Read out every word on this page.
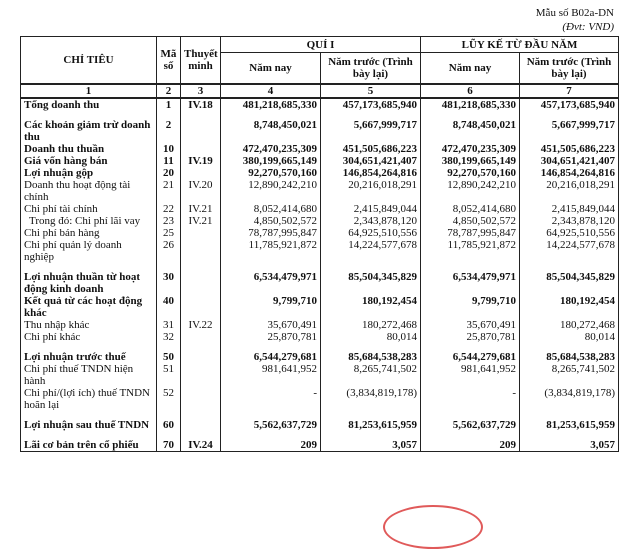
Mẫu số B02a-DN
(Đvt: VND)
CHỈ TIÊU	Mã số	Thuyết minh	QUÍ I		LŨY KẾ TỪ ĐẦU NĂM	
			Năm nay	Năm trước (Trình bày lại)	Năm nay	Năm trước (Trình bày lại)
1	2	3	4	5	6	7
Tổng doanh thu	1	IV.18	481,218,685,330	457,173,685,940	481,218,685,330	457,173,685,940

Các khoản giảm trừ doanh thu	2		8,748,450,021	5,667,999,717	8,748,450,021	5,667,999,717
Doanh thu thuần	10		472,470,235,309	451,505,686,223	472,470,235,309	451,505,686,223
Giá vốn hàng bán	11	IV.19	380,199,665,149	304,651,421,407	380,199,665,149	304,651,421,407
Lợi nhuận gộp	20		92,270,570,160	146,854,264,816	92,270,570,160	146,854,264,816
Doanh thu hoạt động tài chính	21	IV.20	12,890,242,210	20,216,018,291	12,890,242,210	20,216,018,291
Chi phí tài chính	22	IV.21	8,052,414,680	2,415,849,044	8,052,414,680	2,415,849,044
Trong đó: Chi phí lãi vay	23	IV.21	4,850,502,572	2,343,878,120	4,850,502,572	2,343,878,120
Chi phí bán hàng	25		78,787,995,847	64,925,510,556	78,787,995,847	64,925,510,556
Chi phí quản lý doanh nghiệp	26		11,785,921,872	14,224,577,678	11,785,921,872	14,224,577,678

Lợi nhuận thuần từ hoạt động kinh doanh	30		6,534,479,971	85,504,345,829	6,534,479,971	85,504,345,829
Kết quả từ các hoạt động khác	40		9,799,710	180,192,454	9,799,710	180,192,454
Thu nhập khác	31	IV.22	35,670,491	180,272,468	35,670,491	180,272,468
Chi phí khác	32		25,870,781	80,014	25,870,781	80,014

Lợi nhuận trước thuế	50		6,544,279,681	85,684,538,283	6,544,279,681	85,684,538,283
Chi phí thuế TNDN hiện hành	51		981,641,952	8,265,741,502	981,641,952	8,265,741,502
Chi phí/(lợi ích) thuế TNDN hoãn lại	52		-	(3,834,819,178)	-	(3,834,819,178)

Lợi nhuận sau thuế TNDN	60		5,562,637,729	81,253,615,959	5,562,637,729	81,253,615,959

Lãi cơ bản trên cổ phiếu	70	IV.24	209	3,057	209	3,057
